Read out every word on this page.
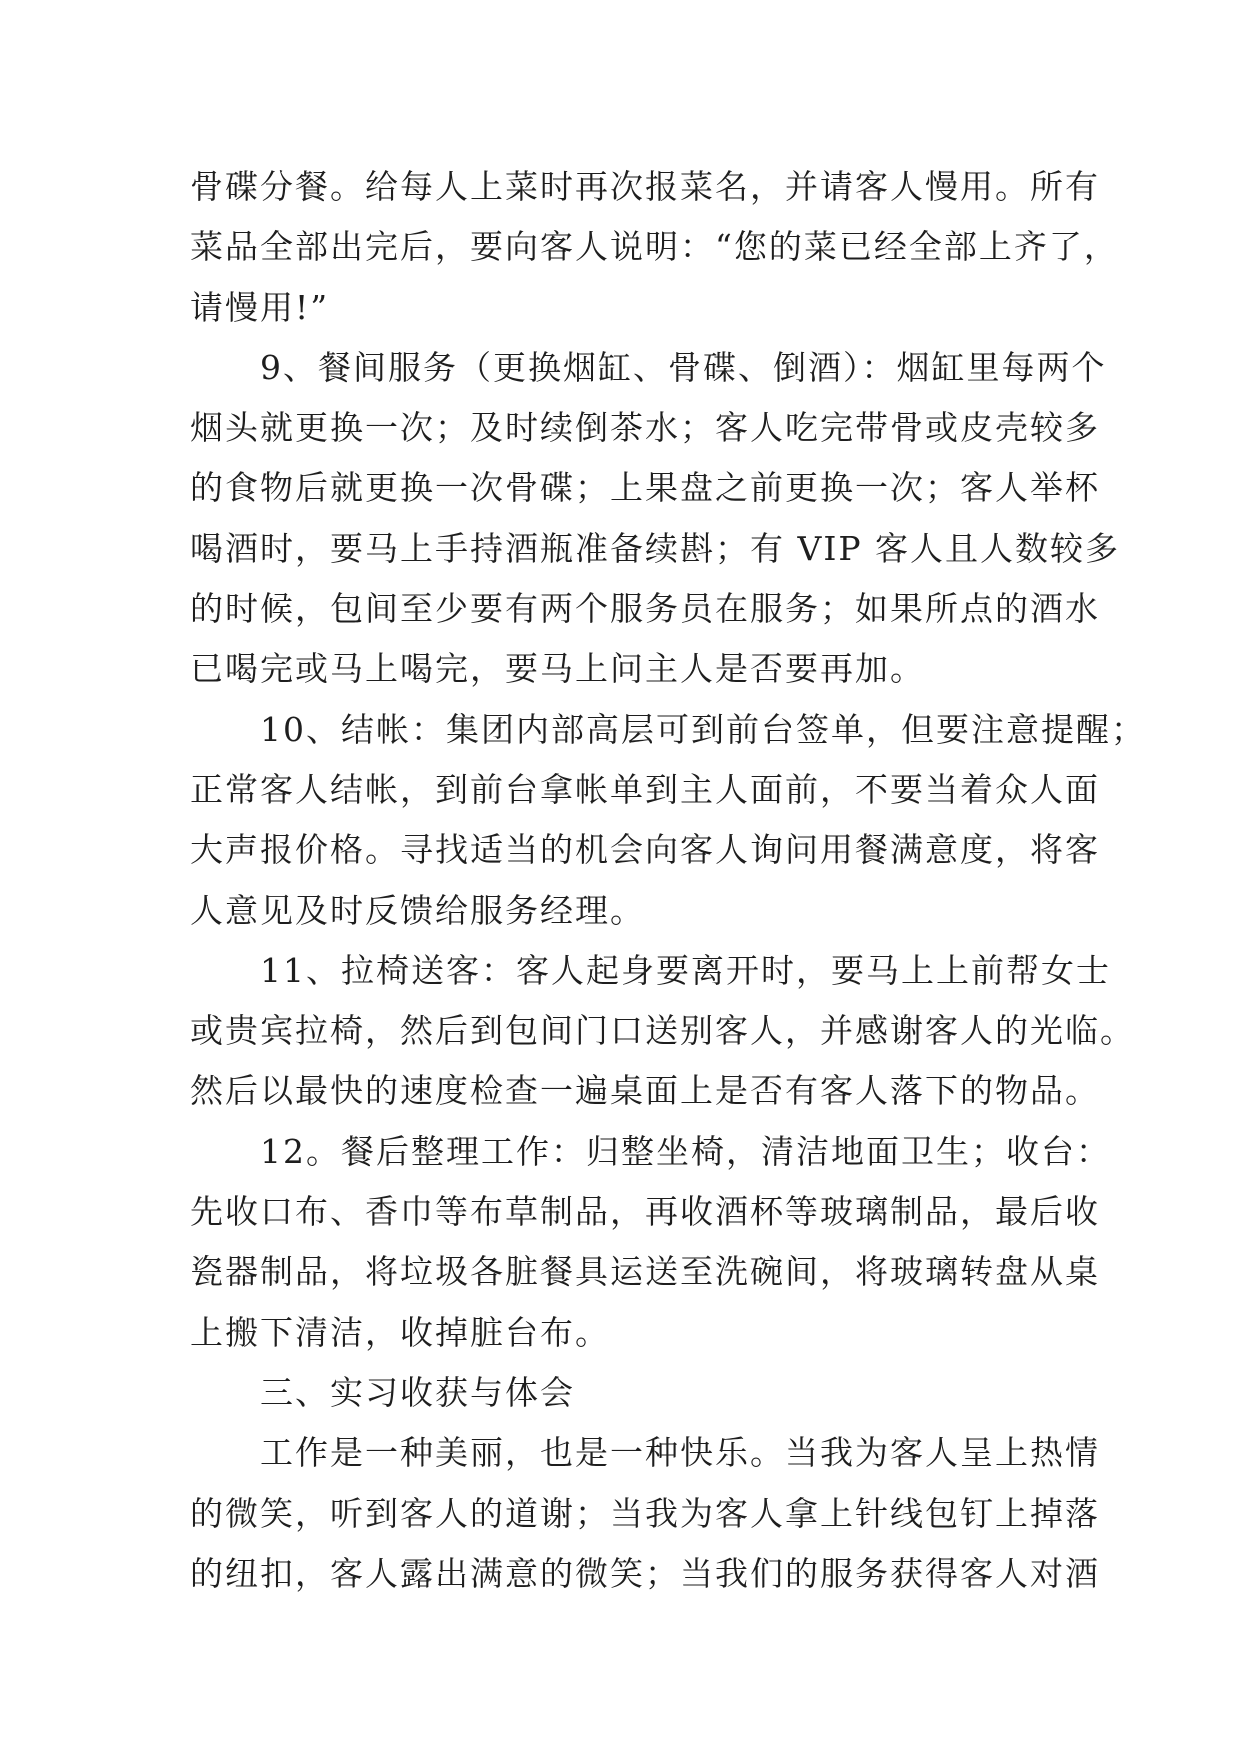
骨碟分餐。给每人上菜时再次报菜名，并请客人慢用。所有
菜品全部出完后，要向客人说明：“您的菜已经全部上齐了，
请慢用!”
　　9、餐间服务（更换烟缸、骨碟、倒酒）：烟缸里每两个
烟头就更换一次；及时续倒茶水；客人吃完带骨或皮壳较多
的食物后就更换一次骨碟；上果盘之前更换一次；客人举杯
喝酒时，要马上手持酒瓶准备续斟；有 VIP 客人且人数较多
的时候，包间至少要有两个服务员在服务；如果所点的酒水
已喝完或马上喝完，要马上问主人是否要再加。
　　10、结帐：集团内部高层可到前台签单，但要注意提醒；
正常客人结帐，到前台拿帐单到主人面前，不要当着众人面
大声报价格。寻找适当的机会向客人询问用餐满意度，将客
人意见及时反馈给服务经理。
　　11、拉椅送客：客人起身要离开时，要马上上前帮女士
或贵宾拉椅，然后到包间门口送别客人，并感谢客人的光临。
然后以最快的速度检查一遍桌面上是否有客人落下的物品。
　　12。餐后整理工作：归整坐椅，清洁地面卫生；收台：
先收口布、香巾等布草制品，再收酒杯等玻璃制品，最后收
瓷器制品，将垃圾各脏餐具运送至洗碗间，将玻璃转盘从桌
上搬下清洁，收掉脏台布。
　　三、实习收获与体会
　　工作是一种美丽，也是一种快乐。当我为客人呈上热情
的微笑，听到客人的道谢；当我为客人拿上针线包钉上掉落
的纽扣，客人露出满意的微笑；当我们的服务获得客人对酒
